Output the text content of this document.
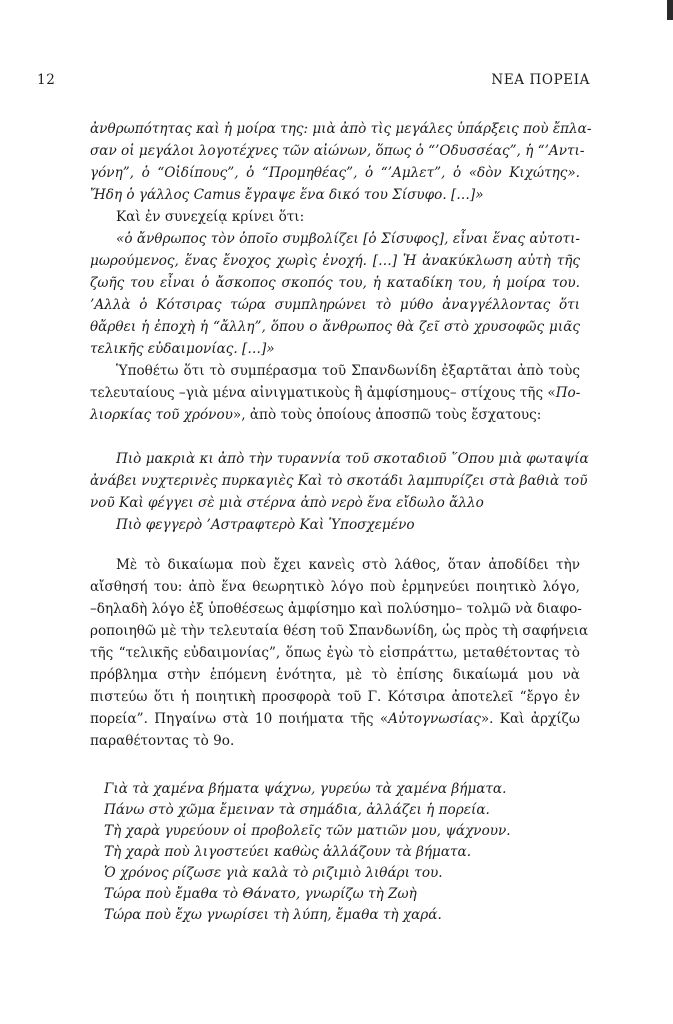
12	ΝΕΑ ΠΟΡΕΙΑ
ἀνθρωπότητας καὶ ἡ μοίρα της: μιὰ ἀπὸ τὶς μεγάλες ὑπάρξεις ποὺ ἔπλα-
σαν οἱ μεγάλοι λογοτέχνες τῶν αἰώνων, ὅπως ὁ “’Οδυσσέας”, ἡ “’Αντι-
γόνη”, ὁ “Οἰδίπους”, ὁ “Προμηθέας”, ὁ “’Αμλετ”, ὁ «δὸν Κιχώτης».
Ἤδη ὁ γάλλος Camus ἔγραψε ἕνα δικό του Σίσυφο. […]»
Καὶ ἐν συνεχείᾳ κρίνει ὅτι:
«ὁ ἄνθρωπος τὸν ὁποῖο συμβολίζει [ὁ Σίσυφος], εἶναι ἕνας αὐτοτι-
μωρούμενος, ἕνας ἔνοχος χωρὶς ἐνοχή. […] Ἡ ἀνακύκλωση αὐτὴ τῆς
ζωῆς του εἶναι ὁ ἄσκοπος σκοπός του, ἡ καταδίκη του, ἡ μοίρα του.
’Αλλὰ ὁ Κότσιρας τώρα συμπληρώνει τὸ μύθο ἀναγγέλλοντας ὅτι
θἄρθει ἡ ἐποχὴ ἡ “ἄλλη”, ὅπου ο ἄνθρωπος θὰ ζεῖ στὸ χρυσοφῶς μιᾶς
τελικῆς εὐδαιμονίας. […]»
Ὑποθέτω ὅτι τὸ συμπέρασμα τοῦ Σπανδωνίδη ἐξαρτᾶται ἀπὸ τοὺς
τελευταίους –γιὰ μένα αἰνιγματικοὺς ἢ ἀμφίσημους– στίχους τῆς «Πο-
λιορκίας τοῦ χρόνου», ἀπὸ τοὺς ὁποίους ἀποσπῶ τοὺς ἔσχατους:
Πιὸ μακριὰ κι ἀπὸ τὴν τυραννία τοῦ σκοταδιοῦ ῞Οπου μιὰ φωταψία
ἀνάβει νυχτερινὲς πυρκαγιὲς Καὶ τὸ σκοτάδι λαμπυρίζει στὰ βαθιὰ τοῦ
νοῦ Καὶ φέγγει σὲ μιὰ στέρνα ἀπὸ νερὸ ἕνα εἴδωλο ἄλλο
Πιὸ φεγγερὸ ’Αστραφτερὸ Καὶ Ὑποσχεμένο
Μὲ τὸ δικαίωμα ποὺ ἔχει κανεὶς στὸ λάθος, ὅταν ἀποδίδει τὴν
αἴσθησή του: ἀπὸ ἕνα θεωρητικὸ λόγο ποὺ ἑρμηνεύει ποιητικὸ λόγο,
–δηλαδὴ λόγο ἐξ ὑποθέσεως ἀμφίσημο καὶ πολύσημο– τολμῶ νὰ διαφο-
ροποιηθῶ μὲ τὴν τελευταία θέση τοῦ Σπανδωνίδη, ὡς πρὸς τὴ σαφήνεια
τῆς “τελικῆς εὐδαιμονίας”, ὅπως ἐγὼ τὸ εἰσπράττω, μεταθέτοντας τὸ
πρόβλημα στὴν ἑπόμενη ἑνότητα, μὲ τὸ ἐπίσης δικαίωμά μου νὰ
πιστεύω ὅτι ἡ ποιητικὴ προσφορὰ τοῦ Γ. Κότσιρα ἀποτελεῖ “ἔργο ἐν
πορεία”. Πηγαίνω στὰ 10 ποιήματα τῆς «Αὐτογνωσίας». Καὶ ἀρχίζω
παραθέτοντας τὸ 9ο.
Γιὰ τὰ χαμένα βήματα ψάχνω, γυρεύω τὰ χαμένα βήματα.
Πάνω στὸ χῶμα ἔμειναν τὰ σημάδια, ἀλλάζει ἡ πορεία.
Τὴ χαρὰ γυρεύουν οἱ προβολεῖς τῶν ματιῶν μου, ψάχνουν.
Τὴ χαρὰ ποὺ λιγοστεύει καθὼς ἀλλάζουν τὰ βήματα.
Ὁ χρόνος ρίζωσε γιὰ καλὰ τὸ ριζιμιὸ λιθάρι του.
Τώρα ποὺ ἔμαθα τὸ Θάνατο, γνωρίζω τὴ Ζωὴ
Τώρα ποὺ ἔχω γνωρίσει τὴ λύπη, ἔμαθα τὴ χαρά.
